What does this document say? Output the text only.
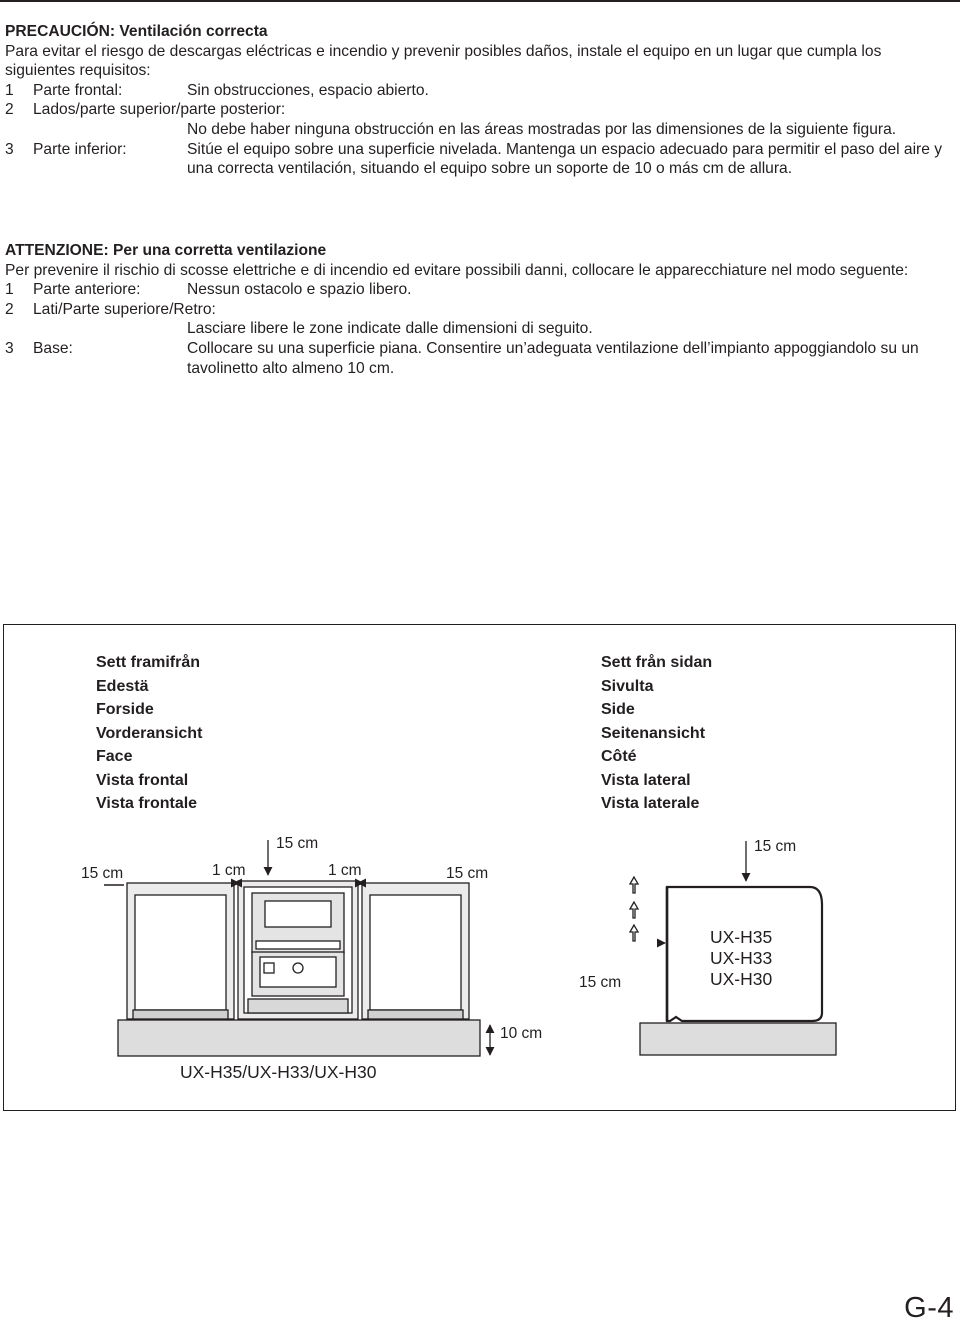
PRECAUCIÓN: Ventilación correcta

Para evitar el riesgo de descargas eléctricas e incendio y prevenir posibles daños, instale el equipo en un lugar que cumpla los siguientes requisitos:

1	Parte frontal:	Sin obstrucciones, espacio abierto.
2	Lados/parte superior/parte posterior:
No debe haber ninguna obstrucción en las áreas mostradas por las dimensiones de la siguiente figura.
3	Parte inferior:	Sitúe el equipo sobre una superficie nivelada. Mantenga un espacio adecuado para permitir el paso del aire y una correcta ventilación, situando el equipo sobre un soporte de 10 o más cm de allura.
ATTENZIONE: Per una corretta ventilazione

Per prevenire il rischio di scosse elettriche e di incendio ed evitare possibili danni, collocare le apparecchiature nel modo seguente:

1	Parte anteriore:	Nessun ostacolo e spazio libero.
2	Lati/Parte superiore/Retro:
Lasciare libere le zone indicate dalle dimensioni di seguito.
3	Base:	Collocare su una superficie piana. Consentire un’adeguata ventilazione dell’impianto appoggiandolo su un tavolinetto alto almeno 10 cm.
Sett framifrån
Edestä
Forside
Vorderansicht
Face
Vista frontal
Vista frontale
Sett från sidan
Sivulta
Side
Seitenansicht
Côté
Vista lateral
Vista laterale
15 cm
15 cm	1 cm	1 cm	15 cm
10 cm
UX-H35/UX-H33/UX-H30
15 cm
15 cm
UX-H35
UX-H33
UX-H30
G-4
